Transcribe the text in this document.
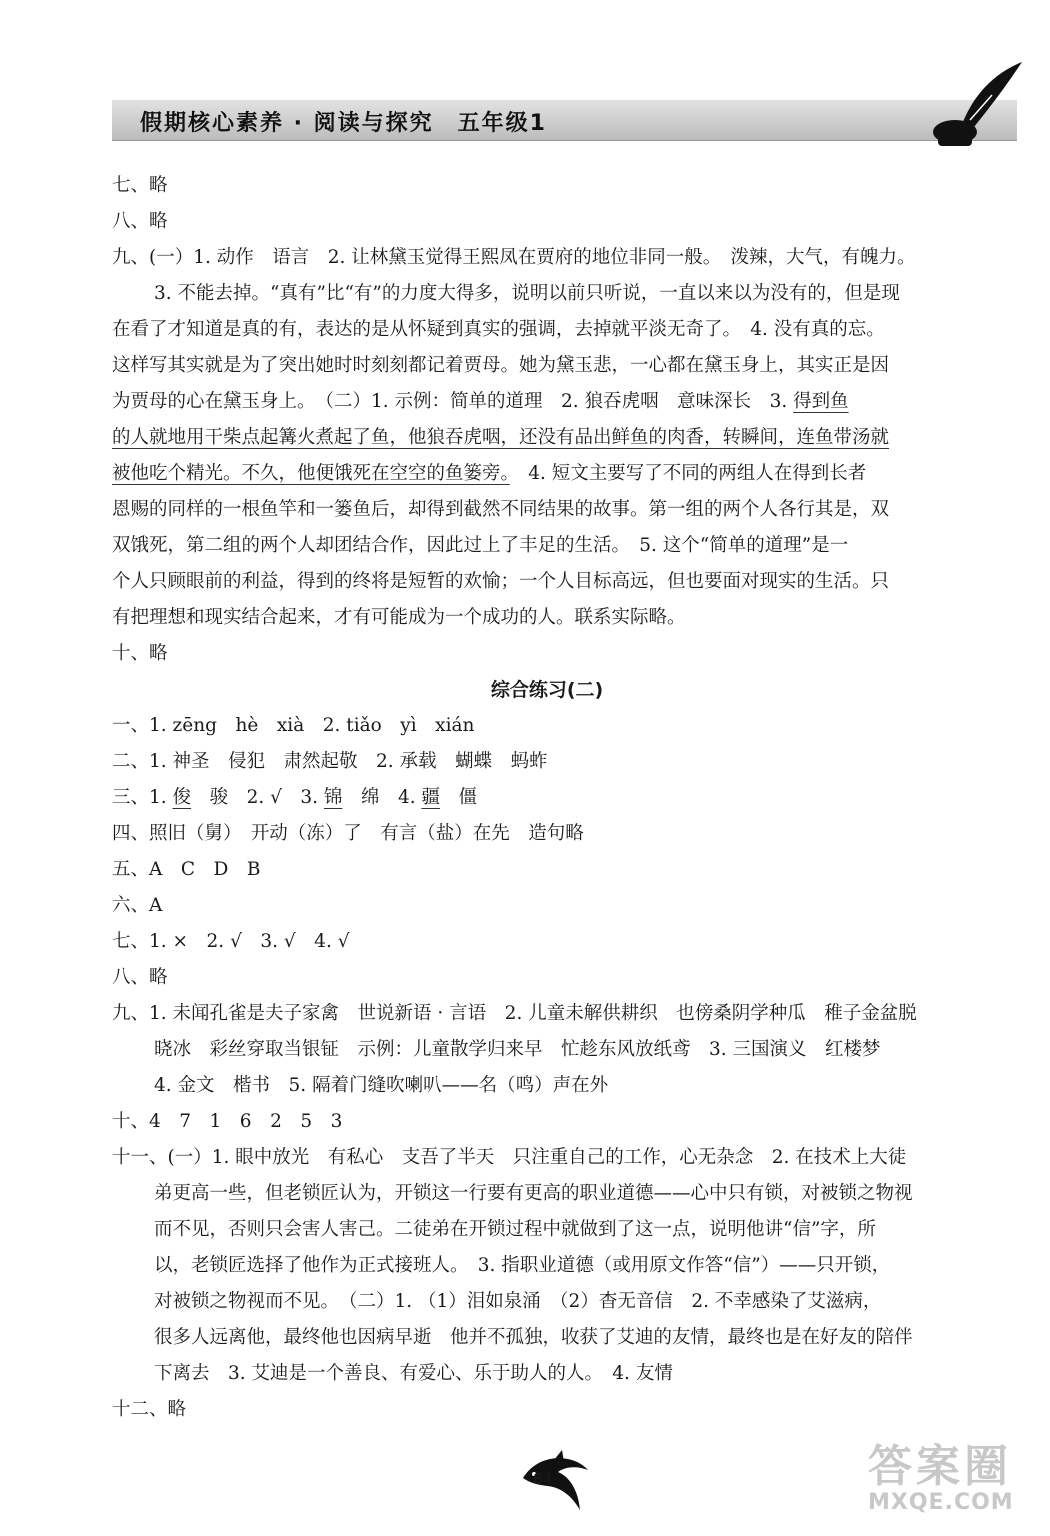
假期核心素养 · 阅读与探究　五年级1
七、略
八、略
九、(一）1. 动作　语言　2. 让林黛玉觉得王熙凤在贾府的地位非同一般。　泼辣，大气，有魄力。
3. 不能去掉。“真有”比“有”的力度大得多，说明以前只听说，一直以来以为没有的，但是现
在看了才知道是真的有，表达的是从怀疑到真实的强调，去掉就平淡无奇了。　4. 没有真的忘。
这样写其实就是为了突出她时时刻刻都记着贾母。她为黛玉悲，一心都在黛玉身上，其实正是因
为贾母的心在黛玉身上。　（二）1. 示例：简单的道理　2. 狼吞虎咽　意味深长　3. 得到鱼
的人就地用干柴点起篝火煮起了鱼，他狼吞虎咽，还没有品出鲜鱼的肉香，转瞬间，连鱼带汤就
被他吃个精光。不久，他便饿死在空空的鱼篓旁。　4. 短文主要写了不同的两组人在得到长者
恩赐的同样的一根鱼竿和一篓鱼后，却得到截然不同结果的故事。第一组的两个人各行其是，双
双饿死，第二组的两个人却团结合作，因此过上了丰足的生活。　5. 这个“简单的道理”是一
个人只顾眼前的利益，得到的终将是短暂的欢愉；一个人目标高远，但也要面对现实的生活。只
有把理想和现实结合起来，才有可能成为一个成功的人。联系实际略。
十、略
综合练习(二)
一、1. zēng　hè　xià　2. tiǎo　yì　xián
二、1. 神圣　侵犯　肃然起敬　2. 承载　蝴蝶　蚂蚱
三、1. 俊　骏　2. √　3. 锦　绵　4. 疆　僵
四、照旧（舅）　开动（冻）了　有言（盐）在先　造句略
五、A　C　D　B
六、A
七、1. ×　2. √　3. √　4. √
八、略
九、1. 未闻孔雀是夫子家禽　世说新语 · 言语　2. 儿童未解供耕织　也傍桑阴学种瓜　稚子金盆脱
晓冰　彩丝穿取当银钲　示例：儿童散学归来早　忙趁东风放纸鸢　3. 三国演义　红楼梦
4. 金文　楷书　5. 隔着门缝吹喇叭——名（鸣）声在外
十、4　7　1　6　2　5　3
十一、(一）1. 眼中放光　有私心　支吾了半天　只注重自己的工作，心无杂念　2. 在技术上大徒
弟更高一些，但老锁匠认为，开锁这一行要有更高的职业道德——心中只有锁，对被锁之物视
而不见，否则只会害人害己。二徒弟在开锁过程中就做到了这一点，说明他讲“信”字，所
以，老锁匠选择了他作为正式接班人。　3. 指职业道德（或用原文作答“信”）——只开锁，
对被锁之物视而不见。　（二）1. （1）泪如泉涌　（2）杳无音信　2. 不幸感染了艾滋病，
很多人远离他，最终他也因病早逝　他并不孤独，收获了艾迪的友情，最终也是在好友的陪伴
下离去　3. 艾迪是一个善良、有爱心、乐于助人的人。　4. 友情
十二、略
84	答案圈
MXQE.COM
